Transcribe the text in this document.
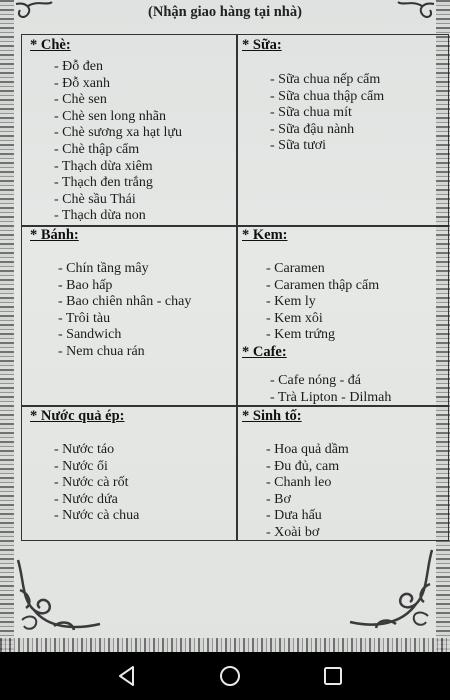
(Nhận giao hàng tại nhà)
* Chè:
- Đỗ đen
- Đỗ xanh
- Chè sen
- Chè sen long nhãn
- Chè sương xa hạt lựu
- Chè thập cẩm
- Thạch dừa xiêm
- Thạch đen trắng
- Chè sầu Thái
- Thạch dừa non
* Sữa:
- Sữa chua nếp cẩm
- Sữa chua thập cẩm
- Sữa chua mít
- Sữa đậu nành
- Sữa tươi
* Bánh:
- Chín tầng mây
- Bao hấp
- Bao chiên nhân - chay
- Trôi tàu
- Sandwich
- Nem chua rán
* Kem:
- Caramen
- Caramen thập cẩm
- Kem ly
- Kem xôi
- Kem trứng
* Cafe:
- Cafe nóng - đá
- Trà Lipton - Dilmah
* Nước quả ép:
- Nước táo
- Nước ổi
- Nước cà rốt
- Nước dứa
- Nước cà chua
* Sinh tố:
- Hoa quả dầm
- Đu đủ, cam
- Chanh leo
- Bơ
- Dưa hấu
- Xoài bơ
